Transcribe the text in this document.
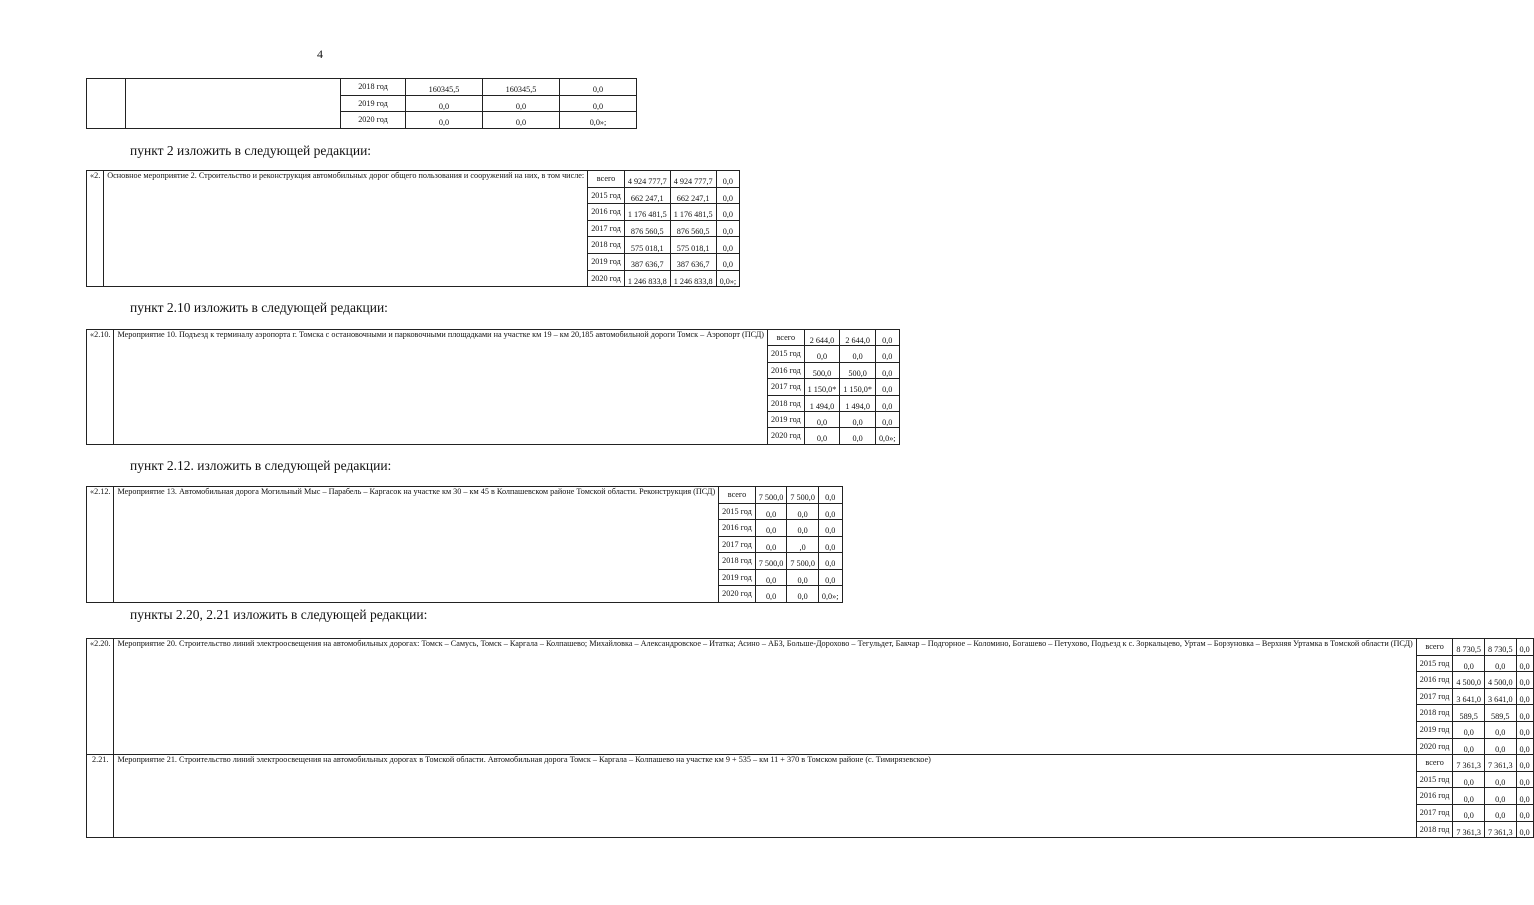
4
пункт 2 изложить в следующей редакции:
пункт 2.10 изложить в следующей редакции:
пункт 2.12. изложить в следующей редакции:
пункты 2.20, 2.21 изложить в следующей редакции:
		2018 год	160345,5	160345,5	0,0
		2019 год	0,0	0,0	0,0
		2020 год	0,0	0,0	0,0»;
«2.	Основное мероприятие 2. Строительство и реконструкция автомобильных дорог общего пользования и сооружений на них, в том числе:	всего	4 924 777,7	4 924 777,7	0,0
		2015 год	662 247,1	662 247,1	0,0
		2016 год	1 176 481,5	1 176 481,5	0,0
		2017 год	876 560,5	876 560,5	0,0
		2018 год	575 018,1	575 018,1	0,0
		2019 год	387 636,7	387 636,7	0,0
		2020 год	1 246 833,8	1 246 833,8	0,0»;
«2.10.	Мероприятие 10. Подъезд к терминалу аэропорта г. Томска с остановочными и парковочными площадками на участке км 19 – км 20,185 автомобильной дороги Томск – Аэропорт (ПСД)	всего	2 644,0	2 644,0	0,0
		2015 год	0,0	0,0	0,0
		2016 год	500,0	500,0	0,0
		2017 год	1 150,0*	1 150,0*	0,0
		2018 год	1 494,0	1 494,0	0,0
		2019 год	0,0	0,0	0,0
		2020 год	0,0	0,0	0,0»;
«2.12.	Мероприятие 13. Автомобильная дорога Могильный Мыс – Парабель – Каргасок на участке км 30 – км 45 в Колпашевском районе Томской области. Реконструкция (ПСД)	всего	7 500,0	7 500,0	0,0
		2015 год	0,0	0,0	0,0
		2016 год	0,0	0,0	0,0
		2017 год	0,0	,0	0,0
		2018 год	7 500,0	7 500,0	0,0
		2019 год	0,0	0,0	0,0
		2020 год	0,0	0,0	0,0»;
«2.20.	Мероприятие 20. Строительство линий электроосвещения на автомобильных дорогах: Томск – Самусь, Томск – Каргала – Колпашево; Михайловка – Александровское – Итатка; Асино – АБЗ, Больше-Дорохово – Тегульдет, Бакчар – Подгорное – Коломино, Богашево – Петухово, Подъезд к с. Зоркальцево, Уртам – Борзуновка – Верхняя Уртамка в Томской области (ПСД)	всего	8 730,5	8 730,5	0,0
		2015 год	0,0	0,0	0,0
		2016 год	4 500,0	4 500,0	0,0
		2017 год	3 641,0	3 641,0	0,0
		2018 год	589,5	589,5	0,0
		2019 год	0,0	0,0	0,0
		2020 год	0,0	0,0	0,0
2.21.	Мероприятие 21. Строительство линий электроосвещения на автомобильных дорогах в Томской области. Автомобильная дорога Томск – Каргала – Колпашево на участке км 9 + 535 – км 11 + 370 в Томском районе (с. Тимирязевское)	всего	7 361,3	7 361,3	0,0
		2015 год	0,0	0,0	0,0
		2016 год	0,0	0,0	0,0
		2017 год	0,0	0,0	0,0
		2018 год	7 361,3	7 361,3	0,0
